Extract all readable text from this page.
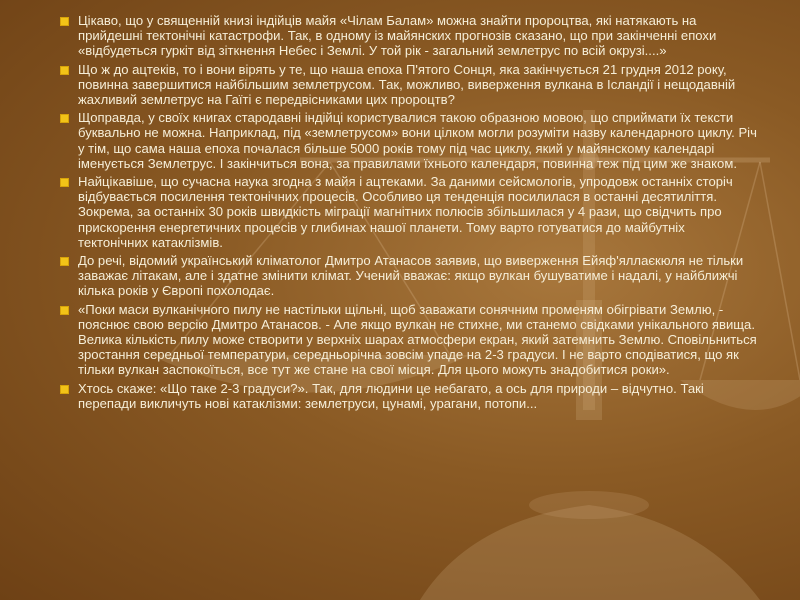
Цікаво, що у священній книзі індійців майя «Чілам Балам» можна знайти пророцтва, які натякають на прийдешні тектонічні катастрофи. Так, в одному із майянских прогнозів сказано, що при закінченні епохи «відбудеться гуркіт від зіткнення Небес і Землі. У той рік - загальний землетрус по всій окрузі....»
Що ж до ацтеків, то і вони вірять у те, що наша епоха П'ятого Сонця, яка закінчується 21 грудня 2012 року, повинна завершитися найбільшим землетрусом. Так, можливо, виверження вулкана в Ісландії і нещодавній жахливий землетрус на Гаїті є передвісниками цих пророцтв?
Щоправда, у своїх книгах стародавні індійці користувалися такою образною мовою, що сприймати їх тексти буквально не можна. Наприклад, під «землетрусом» вони цілком могли розуміти назву календарного циклу. Річ у тім, що сама наша епоха почалася більше 5000 років тому під час циклу, який у майянскому календарі іменується Землетрус. І закінчиться вона, за правилами їхнього календаря, повинна теж під цим же знаком.
Найцікавіше, що сучасна наука згодна з майя і ацтеками. За даними сейсмологів, упродовж останніх сторіч відбувається посилення тектонічних процесів. Особливо ця тенденція посилилася в останні десятиліття. Зокрема, за останніх 30 років швидкість міграції магнітних полюсів збільшилася у 4 рази, що свідчить про прискорення енергетичних процесів у глибинах нашої планети. Тому варто готуватися до майбутніх тектонічних катаклізмів.
До речі, відомий український кліматолог Дмитро Атанасов заявив, що виверження Ейяф'яллаєкюля не тільки заважає літакам, але і здатне змінити клімат. Учений вважає: якщо вулкан бушуватиме і надалі, у найближчі кілька років у Європі похолодає.
«Поки маси вулканічного пилу не настільки щільні, щоб заважати сонячним променям обігрівати Землю, - пояснює свою версію Дмитро Атанасов. - Але якщо вулкан не стихне, ми станемо свідками унікального явища. Велика кількість пилу може створити у верхніх шарах атмосфери екран, який затемнить Землю. Сповільниться зростання середньої температури, середньорічна зовсім упаде на 2-3 градуси. І не варто сподіватися, що як тільки вулкан заспокоїться, все тут же стане на свої місця. Для цього можуть знадобитися роки».
Хтось скаже: «Що таке 2-3 градуси?». Так, для людини це небагато, а ось для природи – відчутно. Такі перепади викличуть нові катаклізми: землетруси, цунамі, урагани, потопи...
